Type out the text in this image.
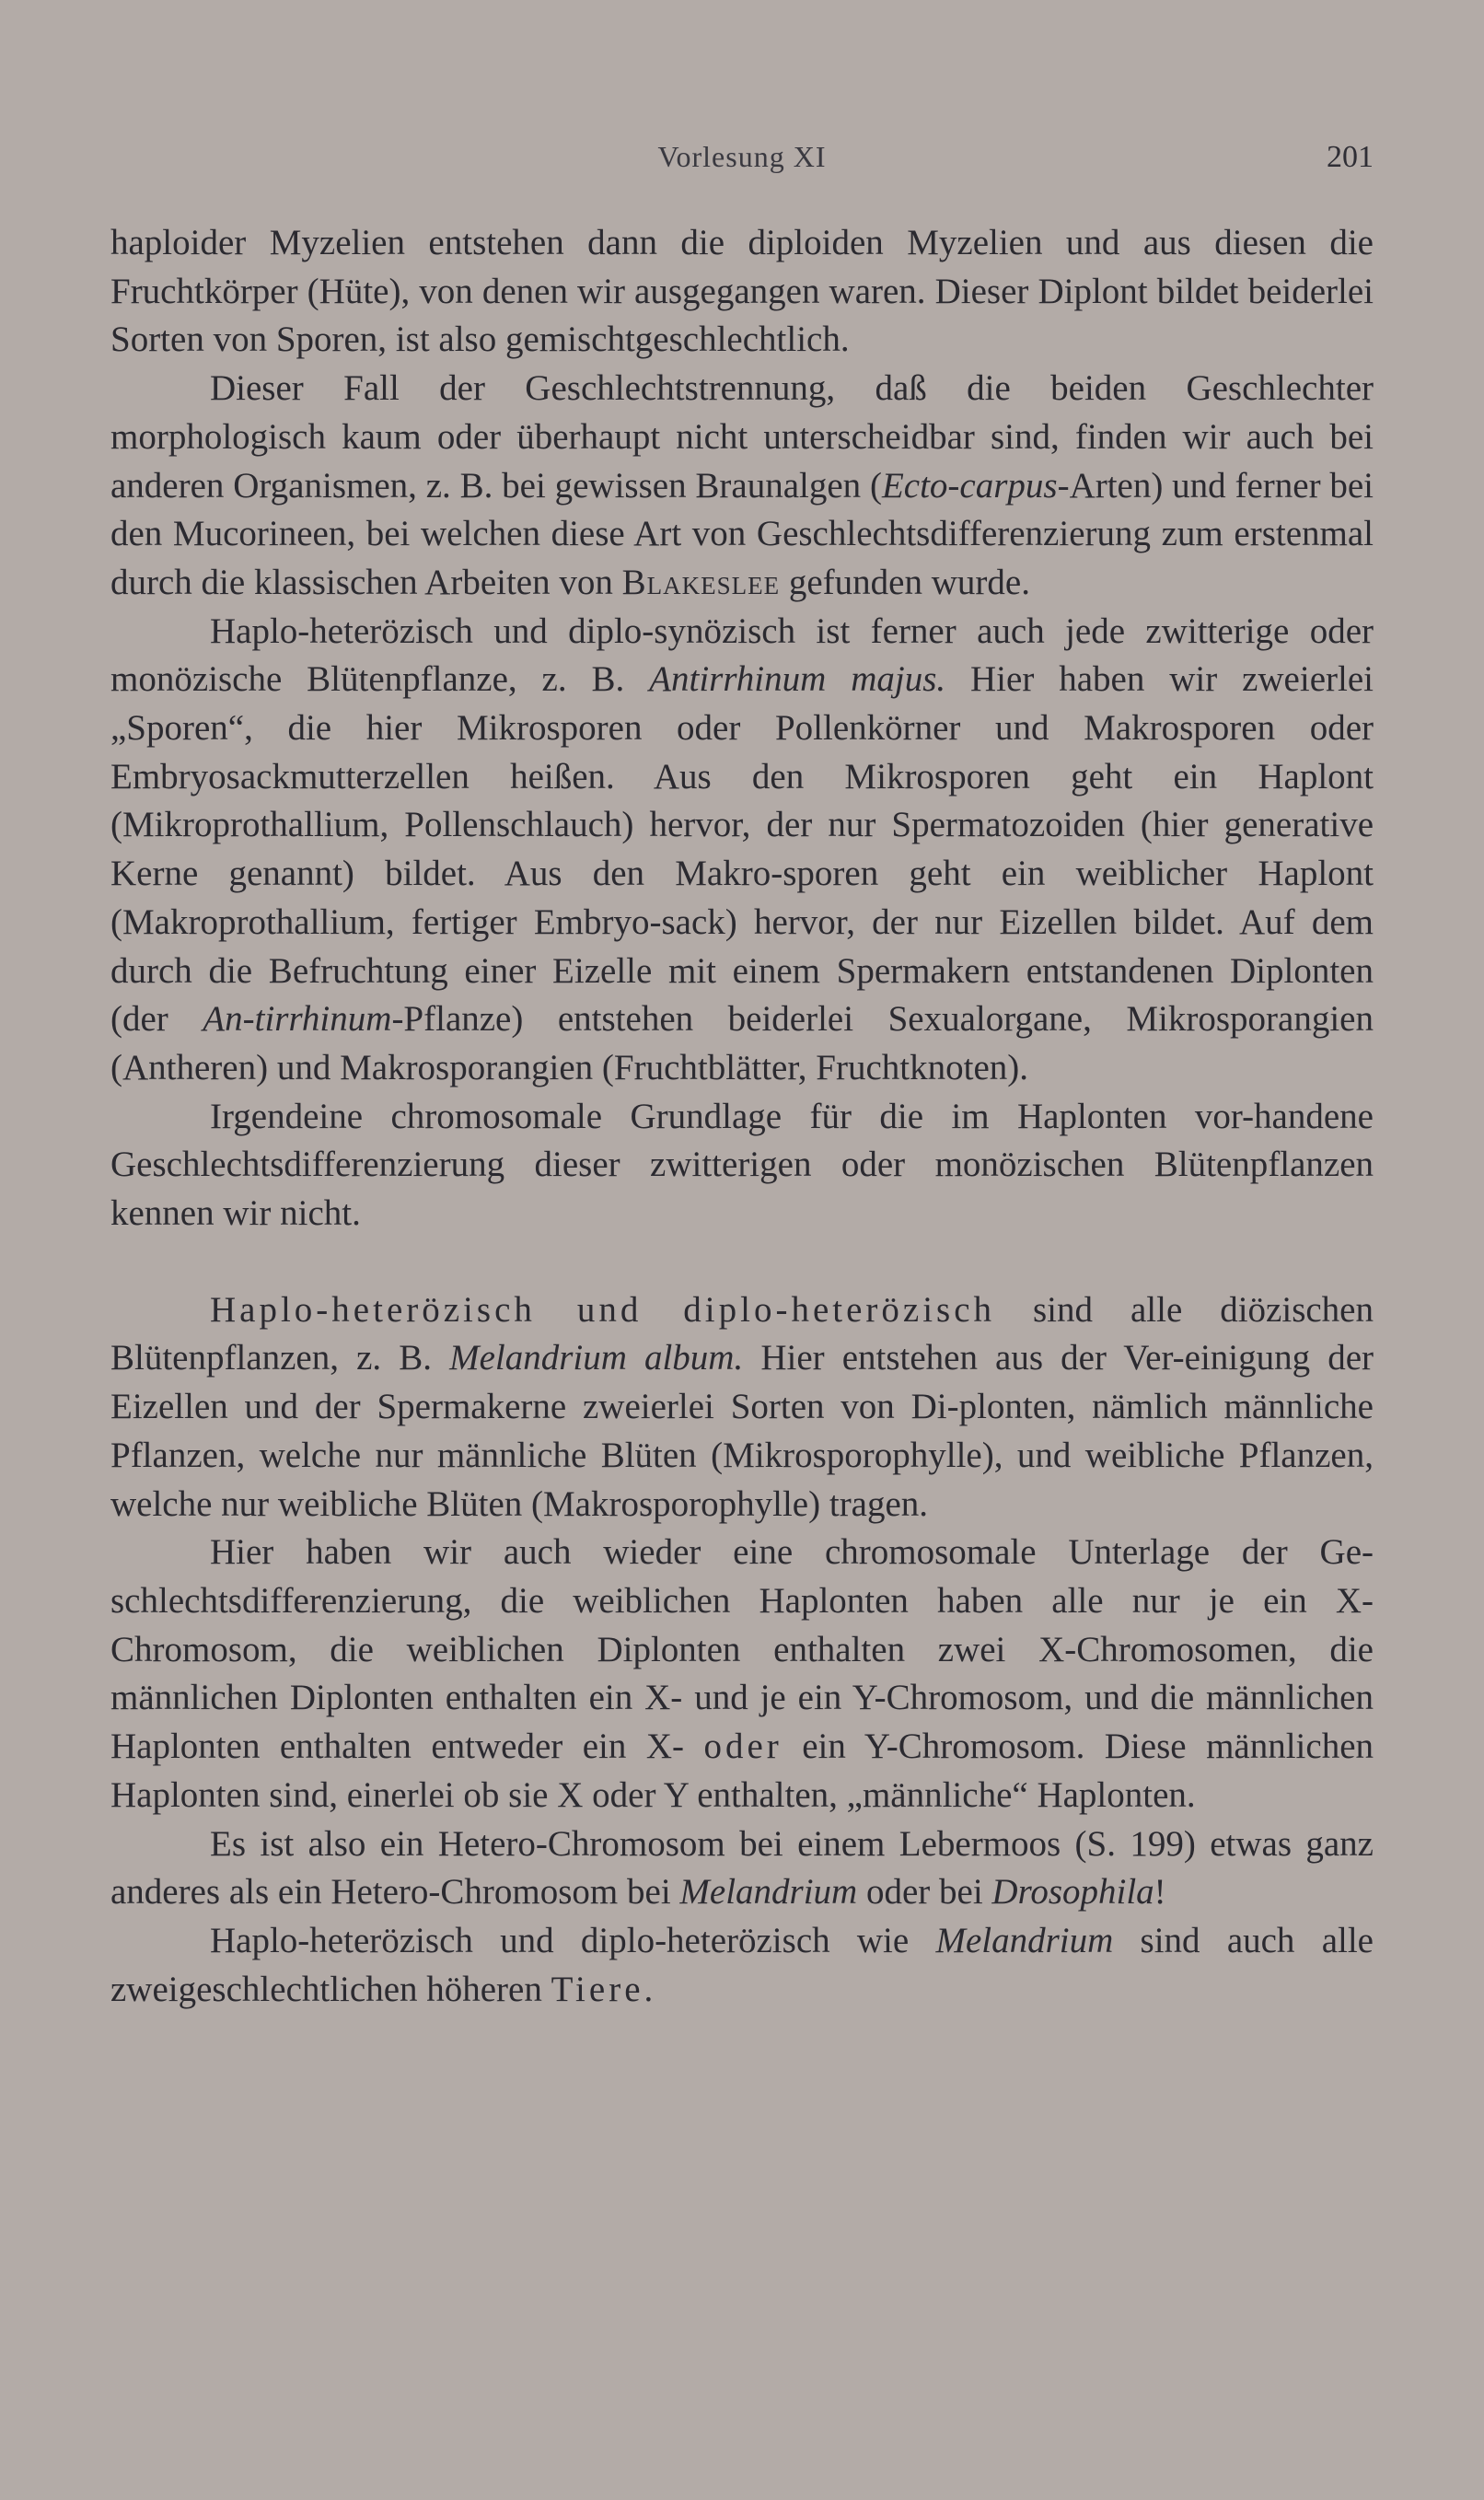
Vorlesung XI	201

haploider Myzelien entstehen dann die diploiden Myzelien und aus diesen die Fruchtkörper (Hüte), von denen wir ausgegangen waren. Dieser Diplont bildet beiderlei Sorten von Sporen, ist also gemischtgeschlechtlich.

Dieser Fall der Geschlechtstrennung, daß die beiden Geschlechter morphologisch kaum oder überhaupt nicht unterscheidbar sind, finden wir auch bei anderen Organismen, z. B. bei gewissen Braunalgen (Ecto-carpus-Arten) und ferner bei den Mucorineen, bei welchen diese Art von Geschlechtsdifferenzierung zum erstenmal durch die klassischen Arbeiten von Blakeslee gefunden wurde.

Haplo-heterözisch und diplo-synözisch ist ferner auch jede zwitterige oder monözische Blütenpflanze, z. B. Antirrhinum majus. Hier haben wir zweierlei „Sporen“, die hier Mikrosporen oder Pollenkörner und Makrosporen oder Embryosackmutterzellen heißen. Aus den Mikrosporen geht ein Haplont (Mikroprothallium, Pollenschlauch) hervor, der nur Spermatozoiden (hier generative Kerne genannt) bildet. Aus den Makro-sporen geht ein weiblicher Haplont (Makroprothallium, fertiger Embryo-sack) hervor, der nur Eizellen bildet. Auf dem durch die Befruchtung einer Eizelle mit einem Spermakern entstandenen Diplonten (der An-tirrhinum-Pflanze) entstehen beiderlei Sexualorgane, Mikrosporangien (Antheren) und Makrosporangien (Fruchtblätter, Fruchtknoten).

Irgendeine chromosomale Grundlage für die im Haplonten vor-handene Geschlechtsdifferenzierung dieser zwitterigen oder monözischen Blütenpflanzen kennen wir nicht.

Haplo-heterözisch und diplo-heterözisch sind alle diözischen Blütenpflanzen, z. B. Melandrium album. Hier entstehen aus der Ver-einigung der Eizellen und der Spermakerne zweierlei Sorten von Di-plonten, nämlich männliche Pflanzen, welche nur männliche Blüten (Mikrosporophylle), und weibliche Pflanzen, welche nur weibliche Blüten (Makrosporophylle) tragen.

Hier haben wir auch wieder eine chromosomale Unterlage der Ge-schlechtsdifferenzierung, die weiblichen Haplonten haben alle nur je ein X-Chromosom, die weiblichen Diplonten enthalten zwei X-Chromosomen, die männlichen Diplonten enthalten ein X- und je ein Y-Chromosom, und die männlichen Haplonten enthalten entweder ein X- oder ein Y-Chromosom. Diese männlichen Haplonten sind, einerlei ob sie X oder Y enthalten, „männliche“ Haplonten.

Es ist also ein Hetero-Chromosom bei einem Lebermoos (S. 199) etwas ganz anderes als ein Hetero-Chromosom bei Melandrium oder bei Drosophila!

Haplo-heterözisch und diplo-heterözisch wie Melandrium sind auch alle zweigeschlechtlichen höheren Tiere.
